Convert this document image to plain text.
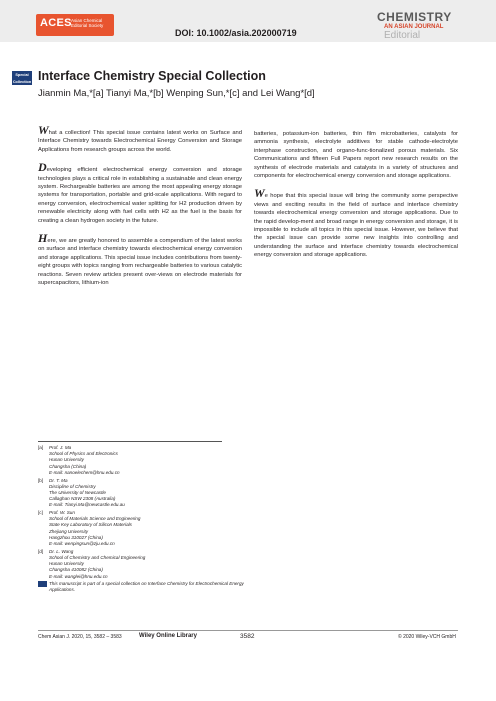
ACES Asian Chemical
Editorial Society
DOI: 10.1002/asia.202000719
CHEMISTRY
AN ASIAN JOURNAL
Editorial
Special
Collection Interface Chemistry Special Collection
Jianmin Ma,*[a] Tianyi Ma,*[b] Wenping Sun,*[c] and Lei Wang*[d]

What a collection! This special issue contains latest works on Surface and Interface Chemistry towards Electrochemical Energy Conversion and Storage Applications from research groups across the world.

Developing efficient electrochemical energy conversion and storage technologies plays a critical role in establishing a sustainable and clean energy system. Rechargeable batteries are among the most appealing energy storage systems for transportation, portable and grid-scale applications. With regard to energy conversion, electrochemical water splitting for H2 production driven by renewable electricity along with fuel cells with H2 as the fuel is the basis for creating a clean hydrogen society in the future.

Here, we are greatly honored to assemble a compendium of the latest works on surface and interface chemistry towards electrochemical energy conversion and storage applications. This special issue includes contributions from twenty-eight groups with topics ranging from rechargeable batteries to various catalytic reactions. Seven review articles present over-views on electrode materials for supercapacitors, lithium-ion

batteries, potassium-ion batteries, thin film microbatteries, catalysts for ammonia synthesis, electrolyte additives for stable cathode-electrolyte interphase construction, and organo-func-tionalized porous materials. Six Communications and fifteen Full Papers report new research results on the synthesis of electrode materials and catalysts in a variety of structures and components for electrochemical energy conversion and storage applications.

We hope that this special issue will bring the community some perspective views and exciting results in the field of surface and interface chemistry towards electrochemical energy conversion and storage applications. Due to the rapid develop-ment and broad range in energy conversion and storage, it is impossible to include all topics in this special issue. However, we believe that the special issue can provide some new insights into controlling and understanding the surface and interface chemistry towards electrochemical energy conversion and storage applications.

[a]	Prof. J. Ma
School of Physics and Electronics
Hunan University
Changsha (China)
E-mail: nanoelechem@hnu.edu.cn
[b]	Dr. T. Ma
Discipline of Chemistry
The University of Newcastle
Callaghan NSW 2308 (Australia)
E-mail: Tianyi.Ma@newcastle.edu.au
[c]	Prof. W. Sun
School of Materials Science and Engineering
State Key Laboratory of Silicon Materials
Zhejiang University
Hangzhou 310027 (China)
E-mail: wenpingsun@zju.edu.cn
[d]	Dr. L. Wang
School of Chemistry and Chemical Engineering
Hunan University
Changsha 410082 (China)
E-mail: wanglei@hnu.edu.cn
This manuscript is part of a special collection on Interface Chemistry for Electrochemical Energy Applications.
Chem Asian J. 2020, 15, 3582 – 3583	Wiley Online Library	3582	© 2020 Wiley-VCH GmbH
